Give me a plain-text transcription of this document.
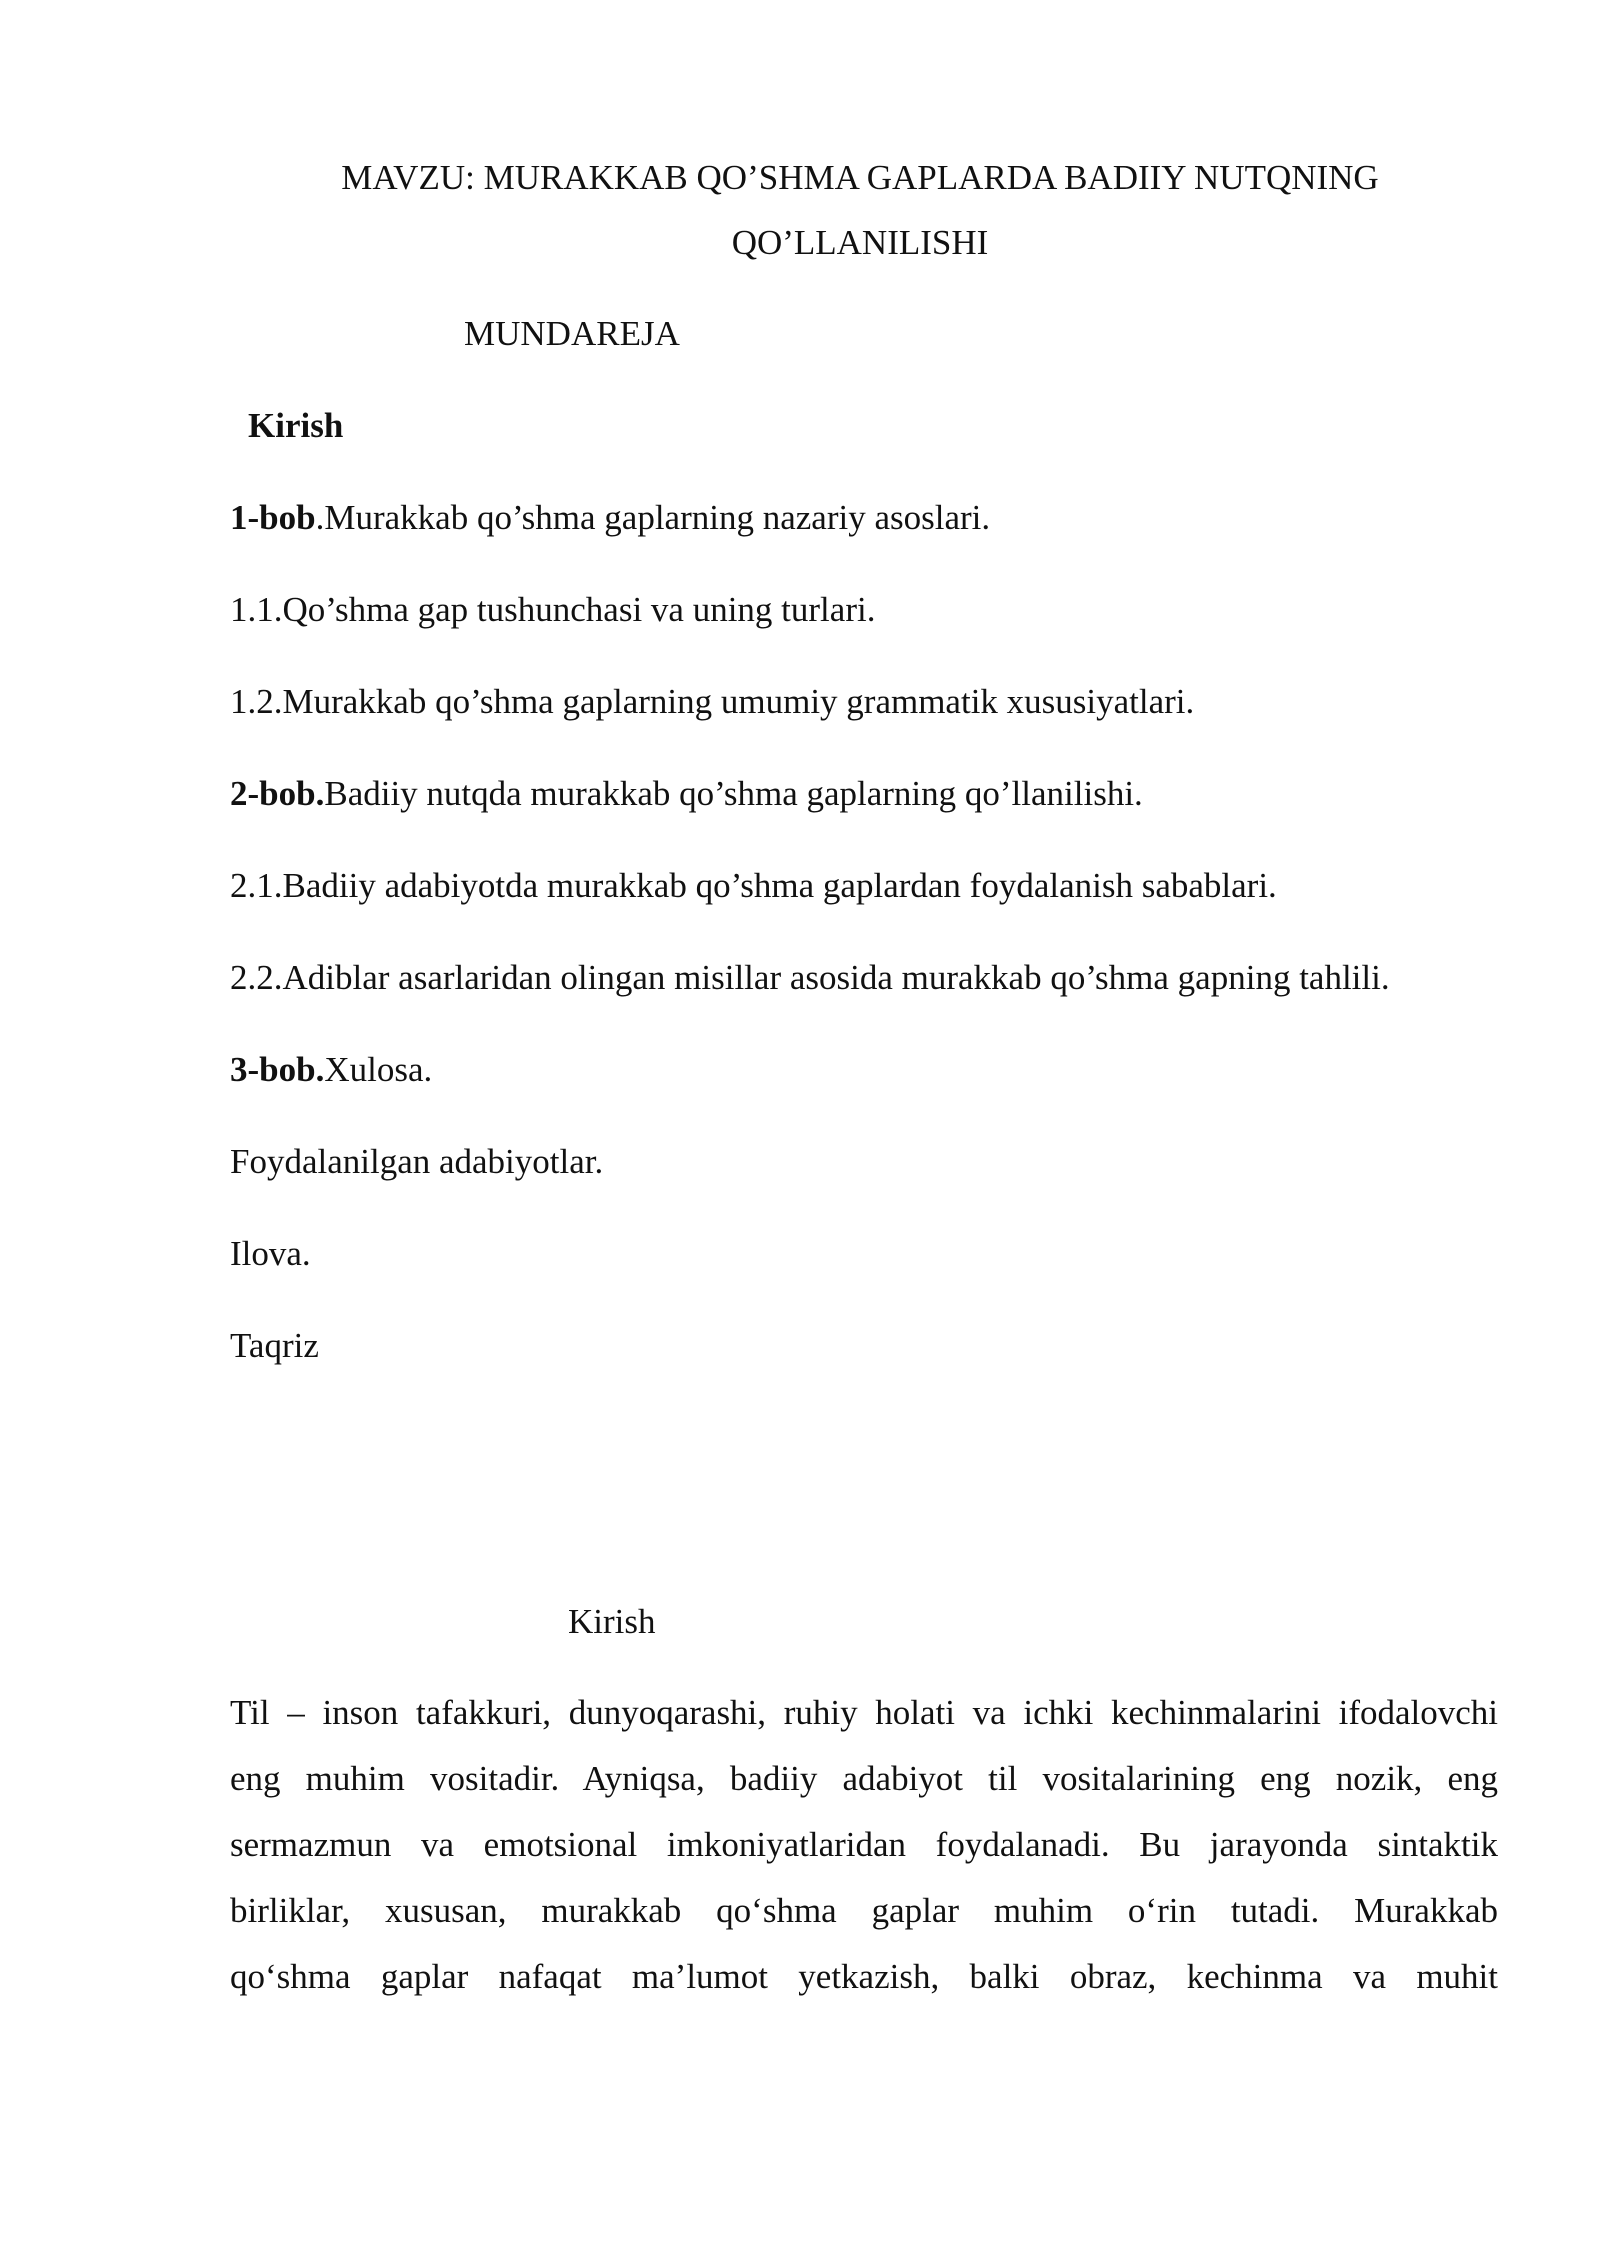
MAVZU: MURAKKAB QO’SHMA GAPLARDA BADIIY NUTQNING
QO’LLANILISHI
MUNDAREJA
Kirish
1-bob.Murakkab qo’shma gaplarning nazariy asoslari.
1.1.Qo’shma gap tushunchasi va uning turlari.
1.2.Murakkab qo’shma gaplarning umumiy grammatik xususiyatlari.
2-bob.Badiiy nutqda murakkab qo’shma gaplarning qo’llanilishi.
2.1.Badiiy adabiyotda murakkab qo’shma gaplardan foydalanish sabablari.
2.2.Adiblar asarlaridan olingan misillar asosida murakkab qo’shma gapning tahlili.
3-bob.Xulosa.
Foydalanilgan adabiyotlar.
Ilova.
Taqriz
Kirish
Til – inson tafakkuri, dunyoqarashi, ruhiy holati va ichki kechinmalarini ifodalovchi
eng muhim vositadir. Ayniqsa, badiiy adabiyot til vositalarining eng nozik, eng
sermazmun va emotsional imkoniyatlaridan foydalanadi. Bu jarayonda sintaktik
birliklar, xususan, murakkab qo‘shma gaplar muhim o‘rin tutadi. Murakkab
qo‘shma gaplar nafaqat ma’lumot yetkazish, balki obraz, kechinma va muhit
